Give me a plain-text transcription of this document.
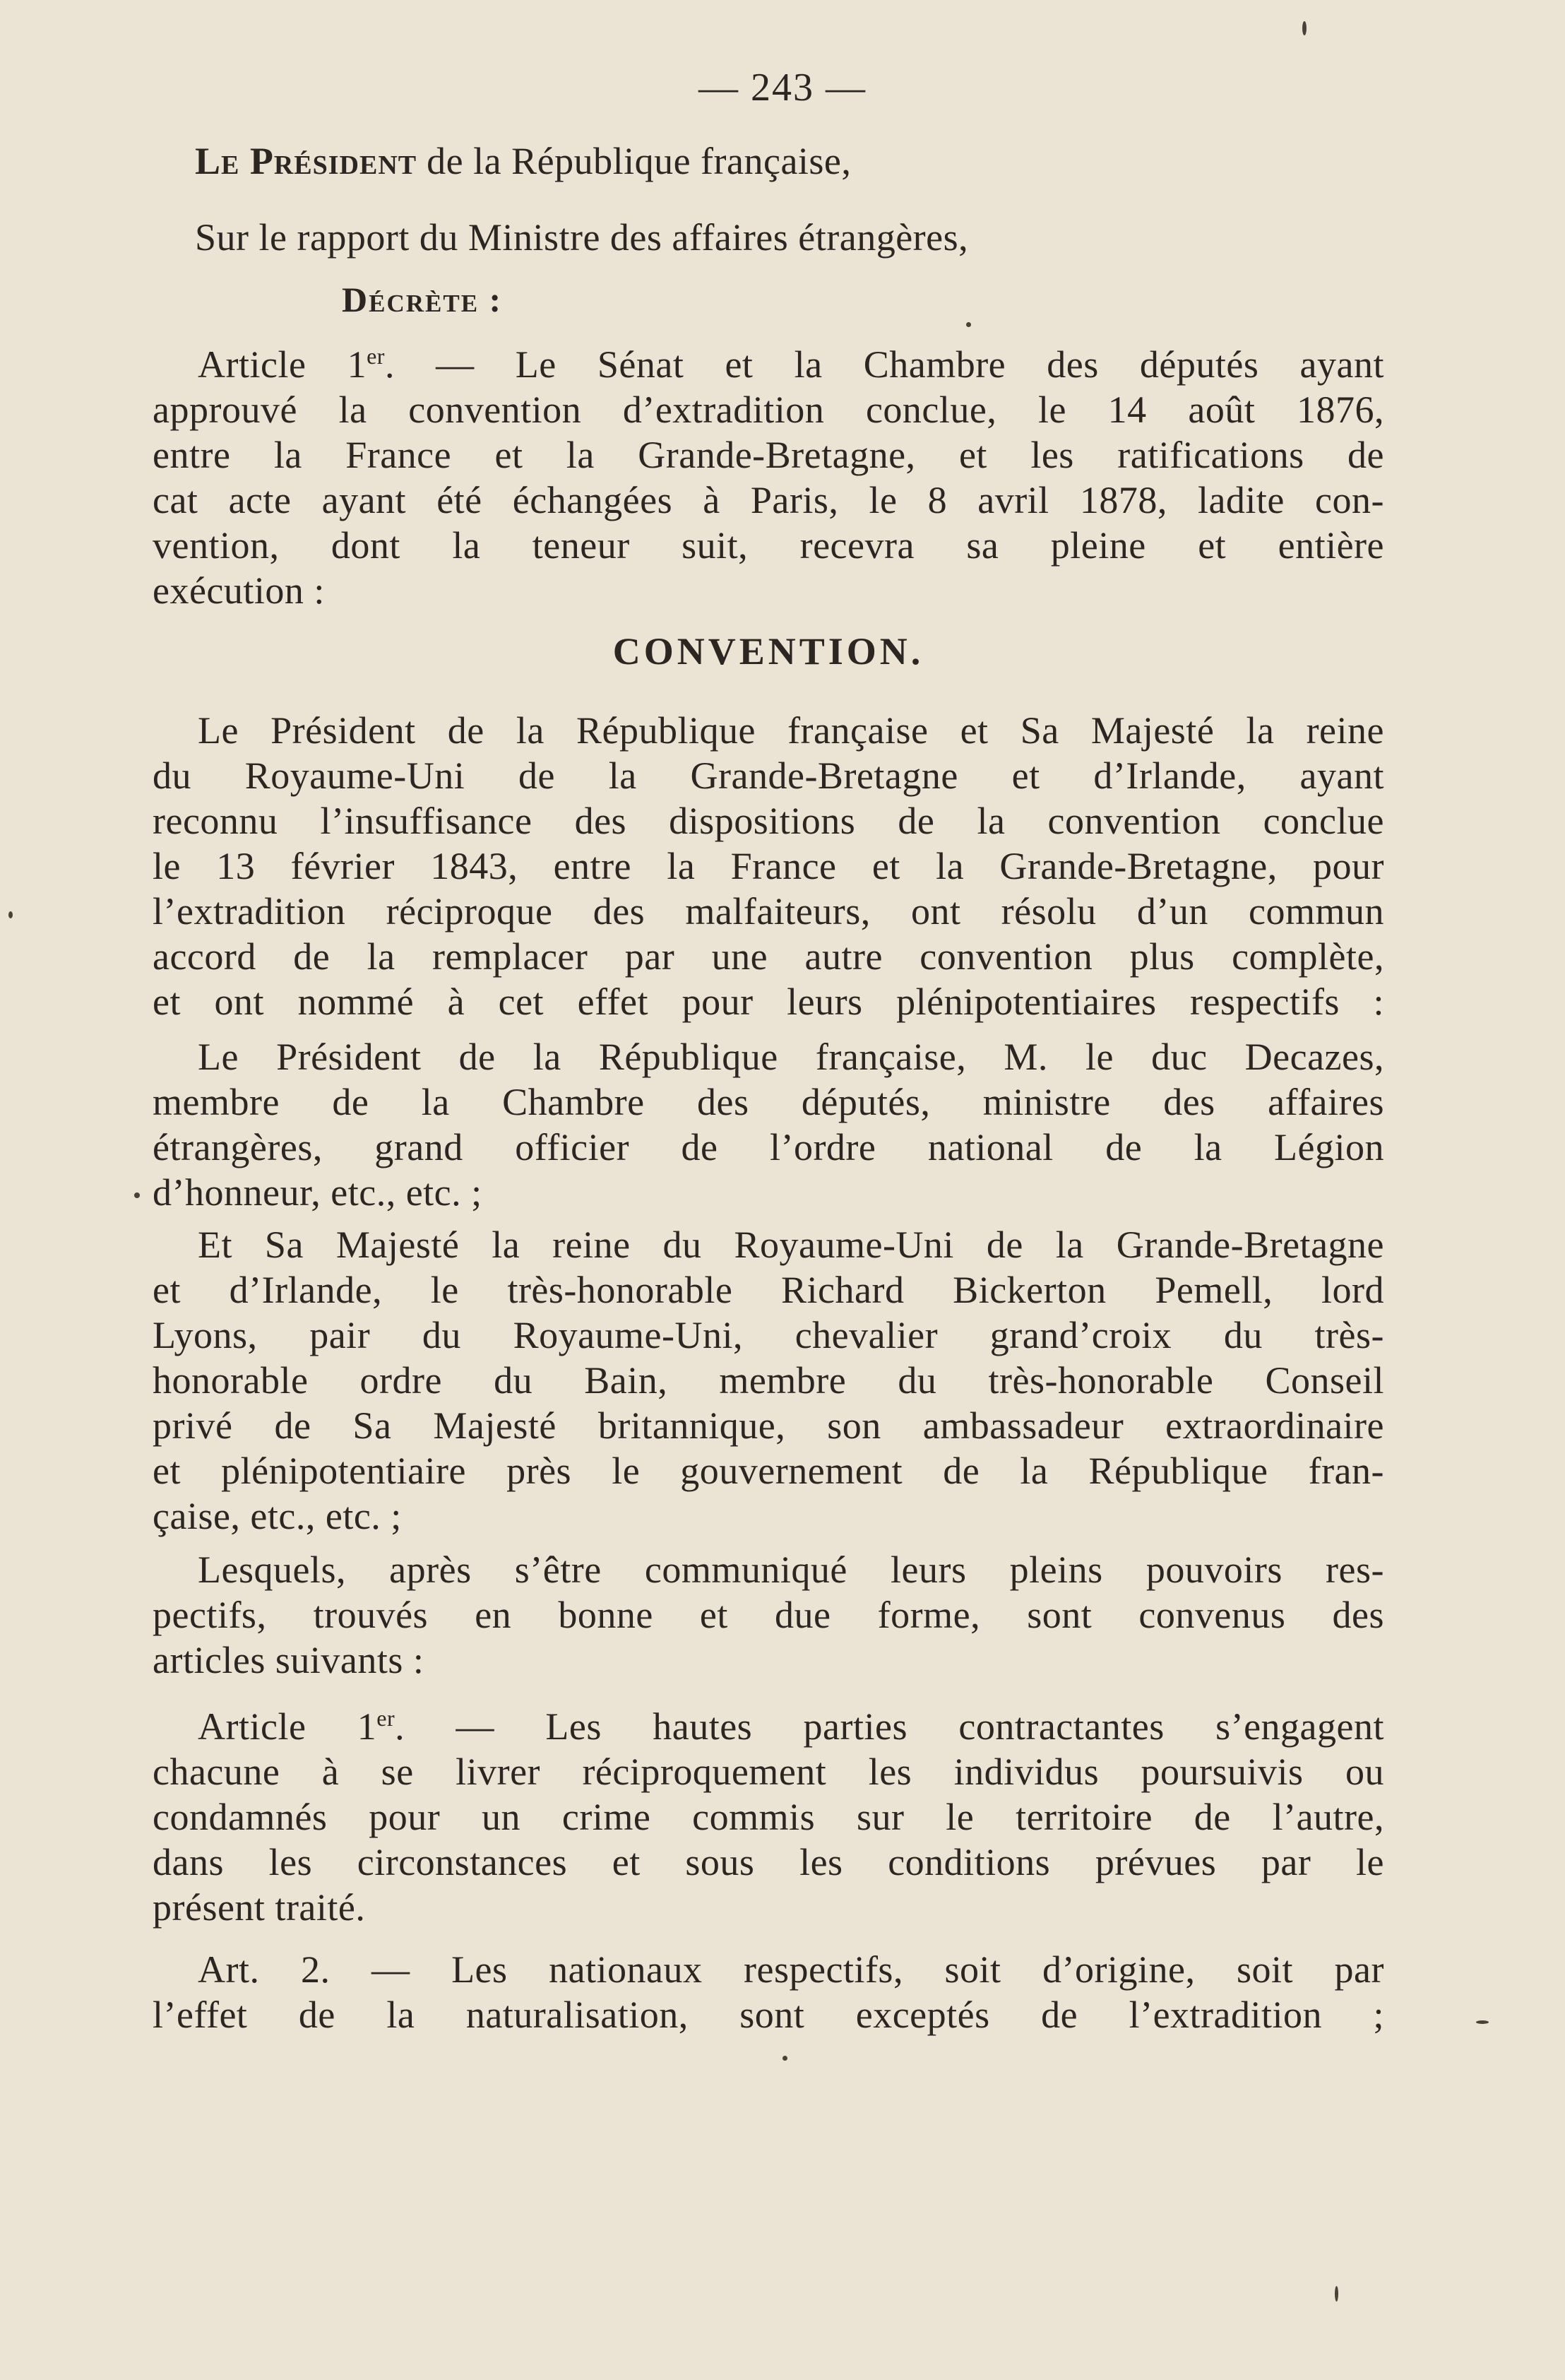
— 243 —
Le Président de la République française,
Sur le rapport du Ministre des affaires étrangères,
Décrète :
Article 1er. — Le Sénat et la Chambre des députés ayant
approuvé la convention d’extradition conclue, le 14 août 1876,
entre la France et la Grande-Bretagne, et les ratifications de
cat acte ayant été échangées à Paris, le 8 avril 1878, ladite con-
vention, dont la teneur suit, recevra sa pleine et entière
exécution :
CONVENTION.
Le Président de la République française et Sa Majesté la reine
du Royaume-Uni de la Grande-Bretagne et d’Irlande, ayant
reconnu l’insuffisance des dispositions de la convention conclue
le 13 février 1843, entre la France et la Grande-Bretagne, pour
l’extradition réciproque des malfaiteurs, ont résolu d’un commun
accord de la remplacer par une autre convention plus complète,
et ont nommé à cet effet pour leurs plénipotentiaires respectifs :
Le Président de la République française, M. le duc Decazes,
membre de la Chambre des députés, ministre des affaires
étrangères, grand officier de l’ordre national de la Légion
d’honneur, etc., etc. ;
Et Sa Majesté la reine du Royaume-Uni de la Grande-Bretagne
et d’Irlande, le très-honorable Richard Bickerton Pemell, lord
Lyons, pair du Royaume-Uni, chevalier grand’croix du très-
honorable ordre du Bain, membre du très-honorable Conseil
privé de Sa Majesté britannique, son ambassadeur extraordinaire
et plénipotentiaire près le gouvernement de la République fran-
çaise, etc., etc. ;
Lesquels, après s’être communiqué leurs pleins pouvoirs res-
pectifs, trouvés en bonne et due forme, sont convenus des
articles suivants :
Article 1er. — Les hautes parties contractantes s’engagent
chacune à se livrer réciproquement les individus poursuivis ou
condamnés pour un crime commis sur le territoire de l’autre,
dans les circonstances et sous les conditions prévues par le
présent traité.
Art. 2. — Les nationaux respectifs, soit d’origine, soit par
l’effet de la naturalisation, sont exceptés de l’extradition ;
